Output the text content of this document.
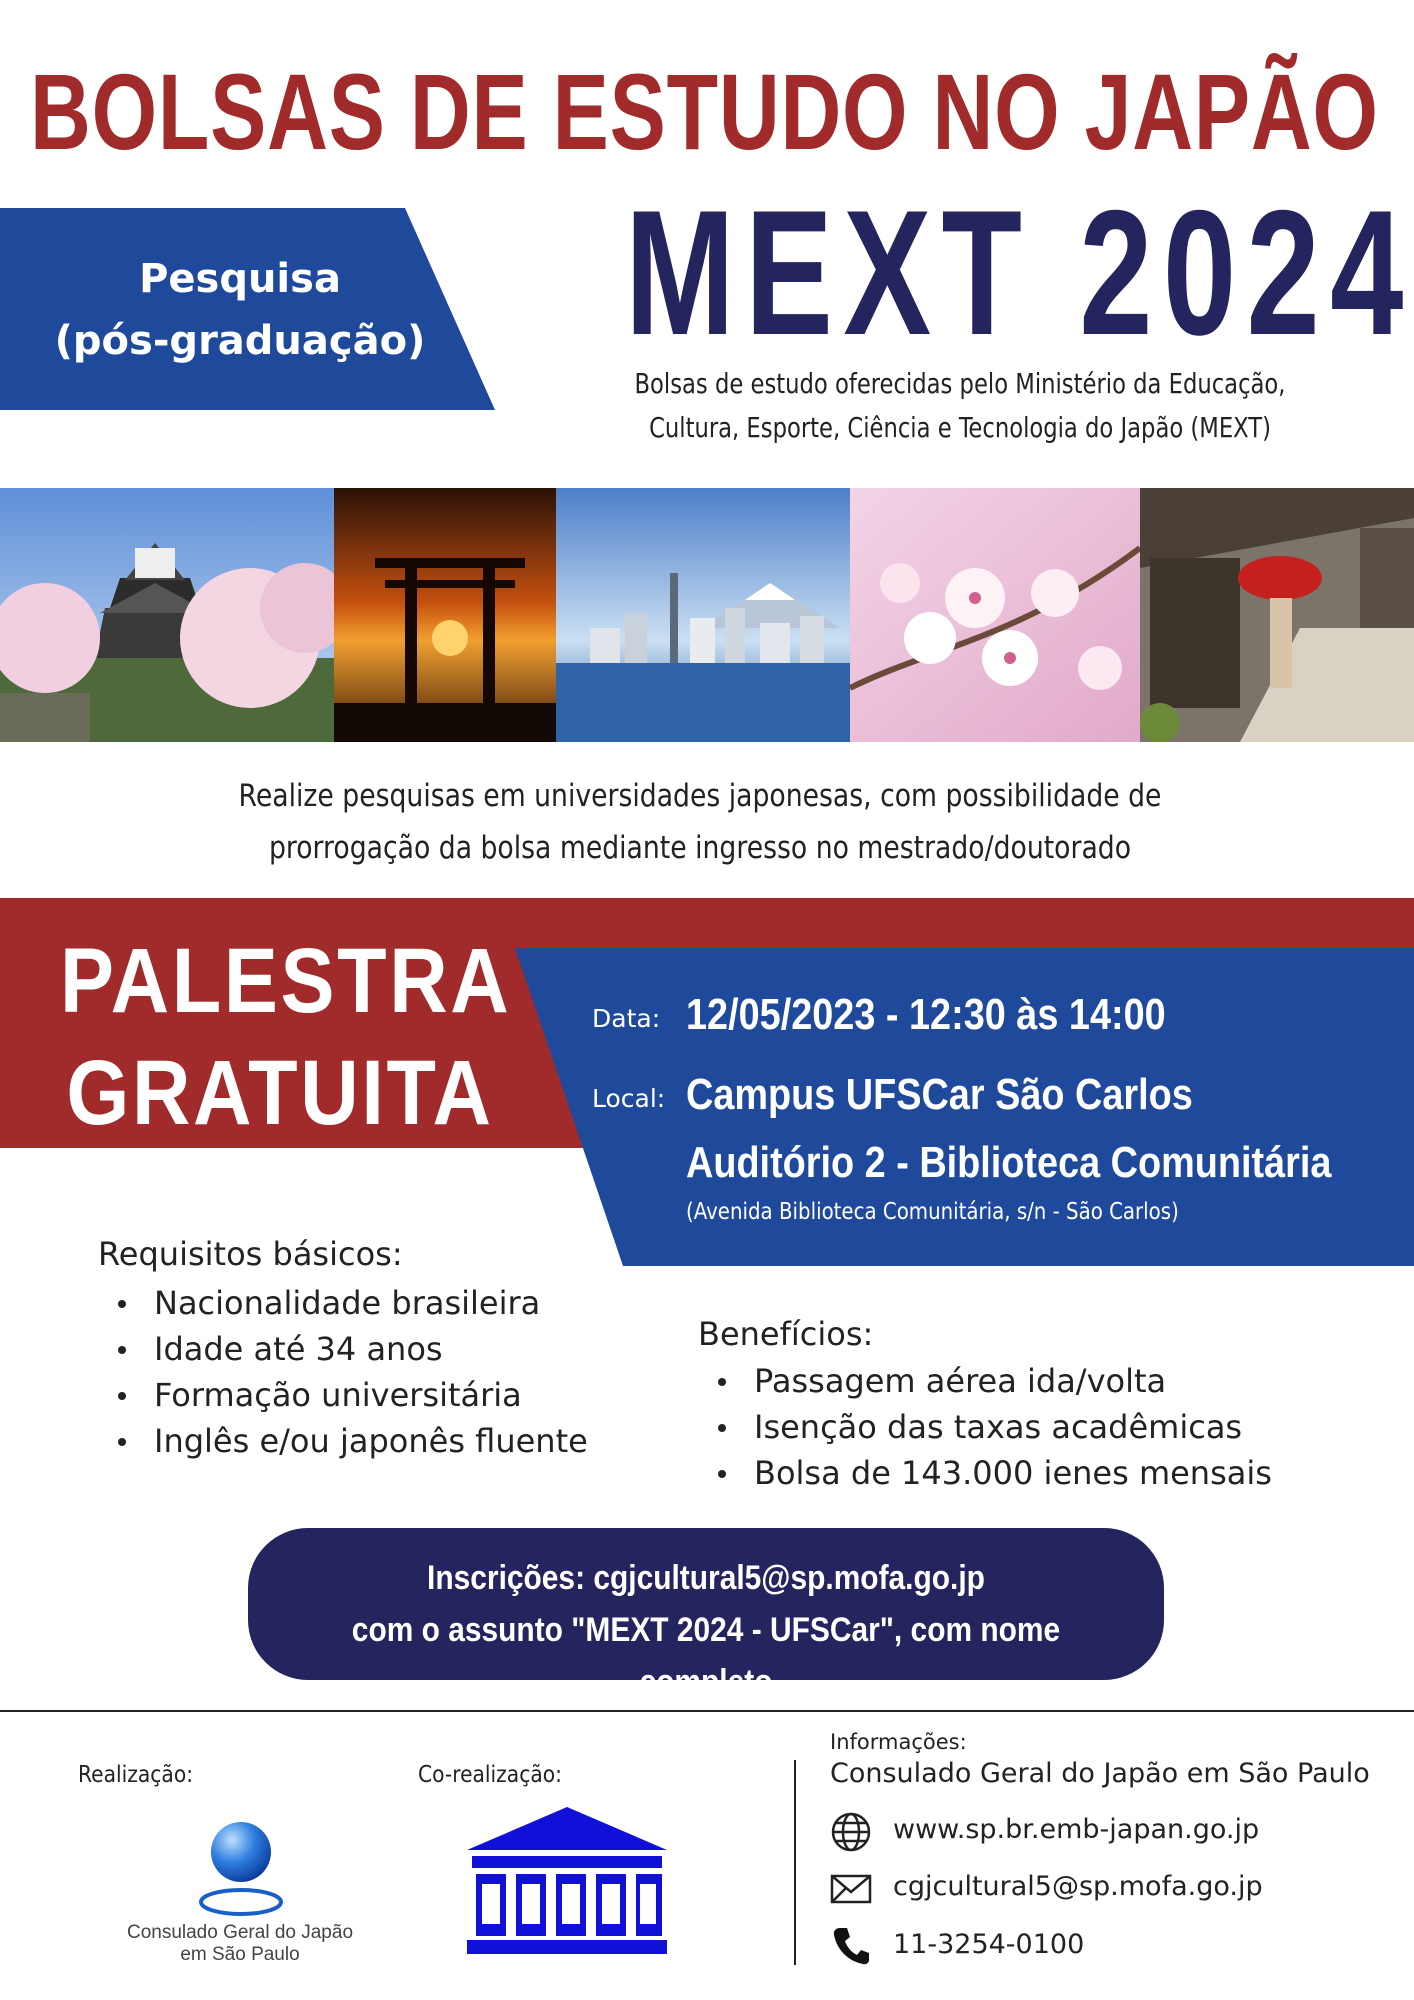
BOLSAS DE ESTUDO NO JAPÃO
Pesquisa
(pós-graduação) MEXT 2024
Bolsas de estudo oferecidas pelo Ministério da Educação,
Cultura, Esporte, Ciência e Tecnologia do Japão (MEXT)
Realize pesquisas em universidades japonesas, com possibilidade de
prorrogação da bolsa mediante ingresso no mestrado/doutorado
PALESTRA
GRATUITA
Data: 12/05/2023 - 12:30 às 14:00
Local: Campus UFSCar São Carlos
Auditório 2 - Biblioteca Comunitária
(Avenida Biblioteca Comunitária, s/n - São Carlos)
Requisitos básicos:
Nacionalidade brasileira
Idade até 34 anos
Formação universitária
Inglês e/ou japonês fluente
Benefícios:
Passagem aérea ida/volta
Isenção das taxas acadêmicas
Bolsa de 143.000 ienes mensais
Inscrições: cgjcultural5@sp.mofa.go.jp
com o assunto "MEXT 2024 - UFSCar", com nome completo
Realização:	Co-realização:
Consulado Geral do Japão
em São Paulo
Informações:
Consulado Geral do Japão em São Paulo
www.sp.br.emb-japan.go.jp
cgjcultural5@sp.mofa.go.jp
11-3254-0100
